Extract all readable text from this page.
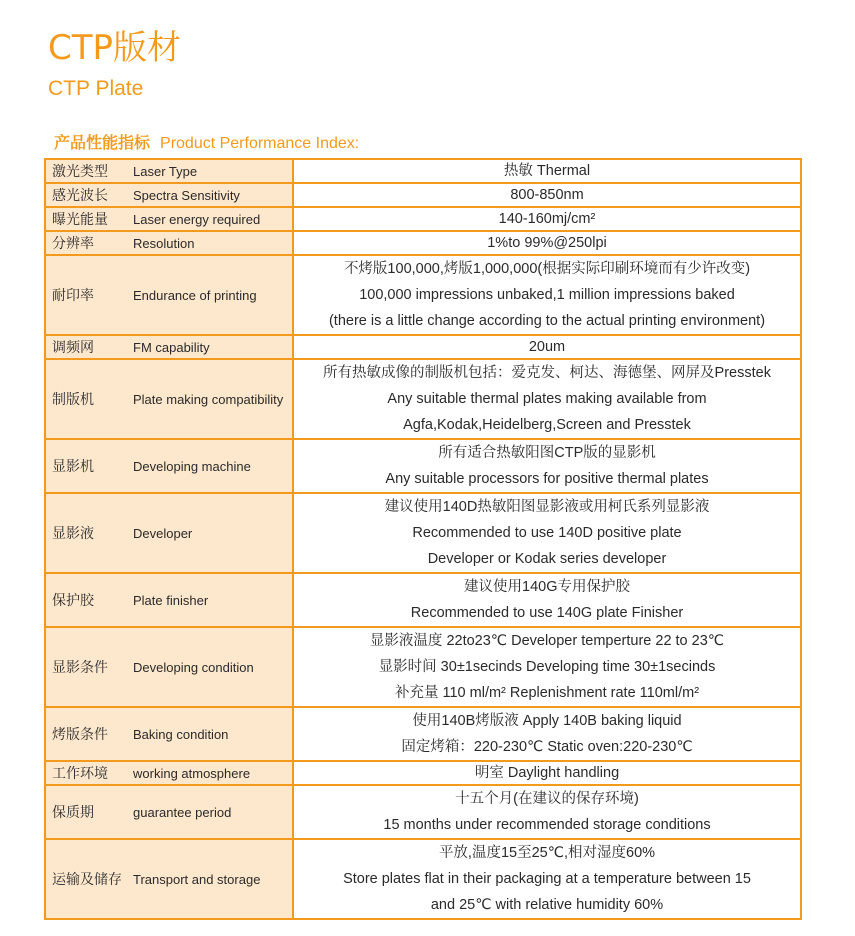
CTP版材
CTP Plate
产品性能指标 Product Performance Index:
激光类型	Laser Type	热敏 Thermal

感光波长	Spectra Sensitivity	800-850nm

曝光能量	Laser energy required	140-160mj/cm²

分辨率	Resolution	1%to 99%@250lpi

耐印率	Endurance of printing	不烤版100,000,烤版1,000,000(根据实际印刷环境而有少许改变)
100,000 impressions unbaked,1 million impressions baked
(there is a little change according to the actual printing environment)

调频网	FM capability	20um

制版机	Plate making compatibility	所有热敏成像的制版机包括：爱克发、柯达、海德堡、网屏及Presstek
Any suitable thermal plates making available from
Agfa,Kodak,Heidelberg,Screen and Presstek

显影机	Developing machine	所有适合热敏阳图CTP版的显影机
Any suitable processors for positive thermal plates

显影液	Developer	建议使用140D热敏阳图显影液或用柯氏系列显影液
Recommended to use 140D positive plate
Developer or Kodak series developer

保护胶	Plate finisher	建议使用140G专用保护胶
Recommended to use 140G plate Finisher

显影条件	Developing condition	显影液温度 22to23℃ Developer temperture 22 to 23℃
显影时间 30±1secinds Developing time 30±1secinds
补充量 110 ml/m² Replenishment rate 110ml/m²

烤版条件	Baking condition	使用140B烤版液 Apply 140B baking liquid
固定烤箱：220-230℃ Static oven:220-230℃

工作环境	working atmosphere	明室 Daylight handling

保质期	guarantee period	十五个月(在建议的保存环境)
15 months under recommended storage conditions

运输及储存	Transport and storage	平放,温度15至25℃,相对湿度60%
Store plates flat in their packaging at a temperature between 15
and 25℃ with relative humidity 60%
